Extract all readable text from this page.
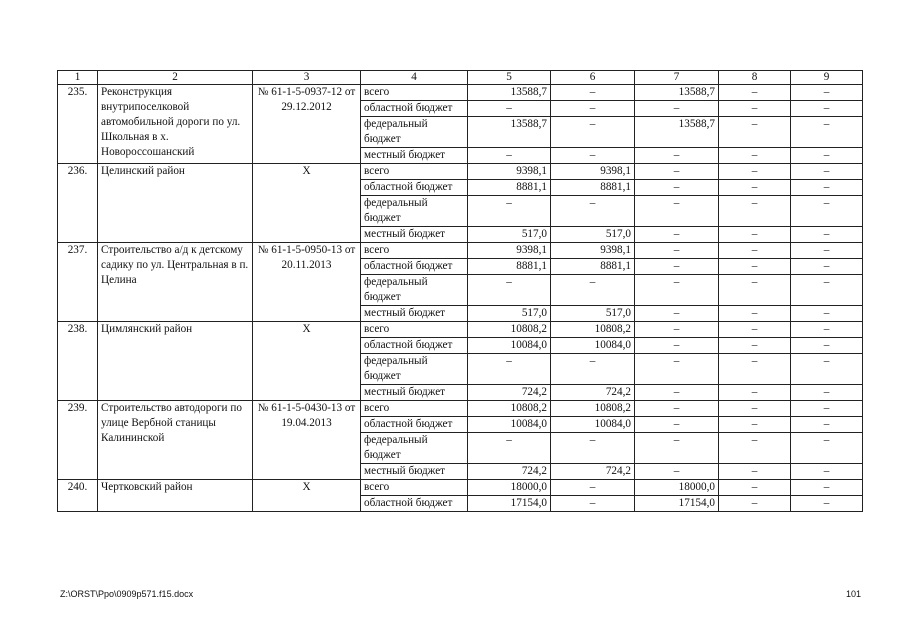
1	2	3	4	5	6	7	8	9
235.	Реконструкция внутрипоселковой автомобильной дороги по ул. Школьная в х. Новороссошанский	№ 61-1-5-0937-12 от 29.12.2012	всего	13588,7	–	13588,7	–	–
			областной бюджет	–	–	–	–	–
			федеральный бюджет	13588,7	–	13588,7	–	–
			местный бюджет	–	–	–	–	–
236.	Целинский район	Х	всего	9398,1	9398,1	–	–	–
			областной бюджет	8881,1	8881,1	–	–	–
			федеральный бюджет	–	–	–	–	–
			местный бюджет	517,0	517,0	–	–	–
237.	Строительство а/д к детскому садику по ул. Центральная в п. Целина	№ 61-1-5-0950-13 от 20.11.2013	всего	9398,1	9398,1	–	–	–
			областной бюджет	8881,1	8881,1	–	–	–
			федеральный бюджет	–	–	–	–	–
			местный бюджет	517,0	517,0	–	–	–
238.	Цимлянский район	Х	всего	10808,2	10808,2	–	–	–
			областной бюджет	10084,0	10084,0	–	–	–
			федеральный бюджет	–	–	–	–	–
			местный бюджет	724,2	724,2	–	–	–
239.	Строительство автодороги по улице Вербной станицы Калининской	№ 61-1-5-0430-13 от 19.04.2013	всего	10808,2	10808,2	–	–	–
			областной бюджет	10084,0	10084,0	–	–	–
			федеральный бюджет	–	–	–	–	–
			местный бюджет	724,2	724,2	–	–	–
240.	Чертковский район	Х	всего	18000,0	–	18000,0	–	–
			областной бюджет	17154,0	–	17154,0	–	–
Z:\ORST\Ppo\0909p571.f15.docx	101
